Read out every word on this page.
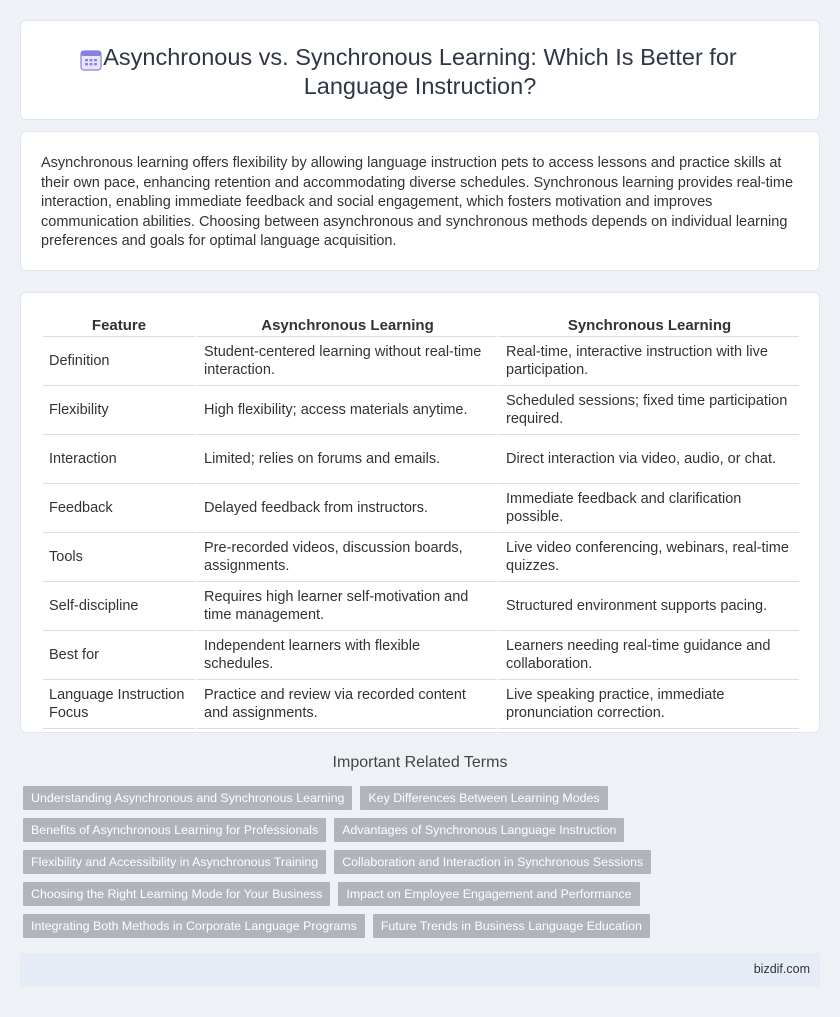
Asynchronous vs. Synchronous Learning: Which Is Better for Language Instruction?

Asynchronous learning offers flexibility by allowing language instruction pets to access lessons and practice skills at their own pace, enhancing retention and accommodating diverse schedules. Synchronous learning provides real-time interaction, enabling immediate feedback and social engagement, which fosters motivation and improves communication abilities. Choosing between asynchronous and synchronous methods depends on individual learning preferences and goals for optimal language acquisition.

Feature	Asynchronous Learning	Synchronous Learning
Definition	Student-centered learning without real-time interaction.	Real-time, interactive instruction with live participation.
Flexibility	High flexibility; access materials anytime.	Scheduled sessions; fixed time participation required.
Interaction	Limited; relies on forums and emails.	Direct interaction via video, audio, or chat.
Feedback	Delayed feedback from instructors.	Immediate feedback and clarification possible.
Tools	Pre-recorded videos, discussion boards, assignments.	Live video conferencing, webinars, real-time quizzes.
Self-discipline	Requires high learner self-motivation and time management.	Structured environment supports pacing.
Best for	Independent learners with flexible schedules.	Learners needing real-time guidance and collaboration.
Language Instruction Focus	Practice and review via recorded content and assignments.	Live speaking practice, immediate pronunciation correction.
Important Related Terms
Understanding Asynchronous and Synchronous Learning	Key Differences Between Learning Modes
Benefits of Asynchronous Learning for Professionals	Advantages of Synchronous Language Instruction
Flexibility and Accessibility in Asynchronous Training	Collaboration and Interaction in Synchronous Sessions
Choosing the Right Learning Mode for Your Business	Impact on Employee Engagement and Performance
Integrating Both Methods in Corporate Language Programs	Future Trends in Business Language Education
bizdif.com
